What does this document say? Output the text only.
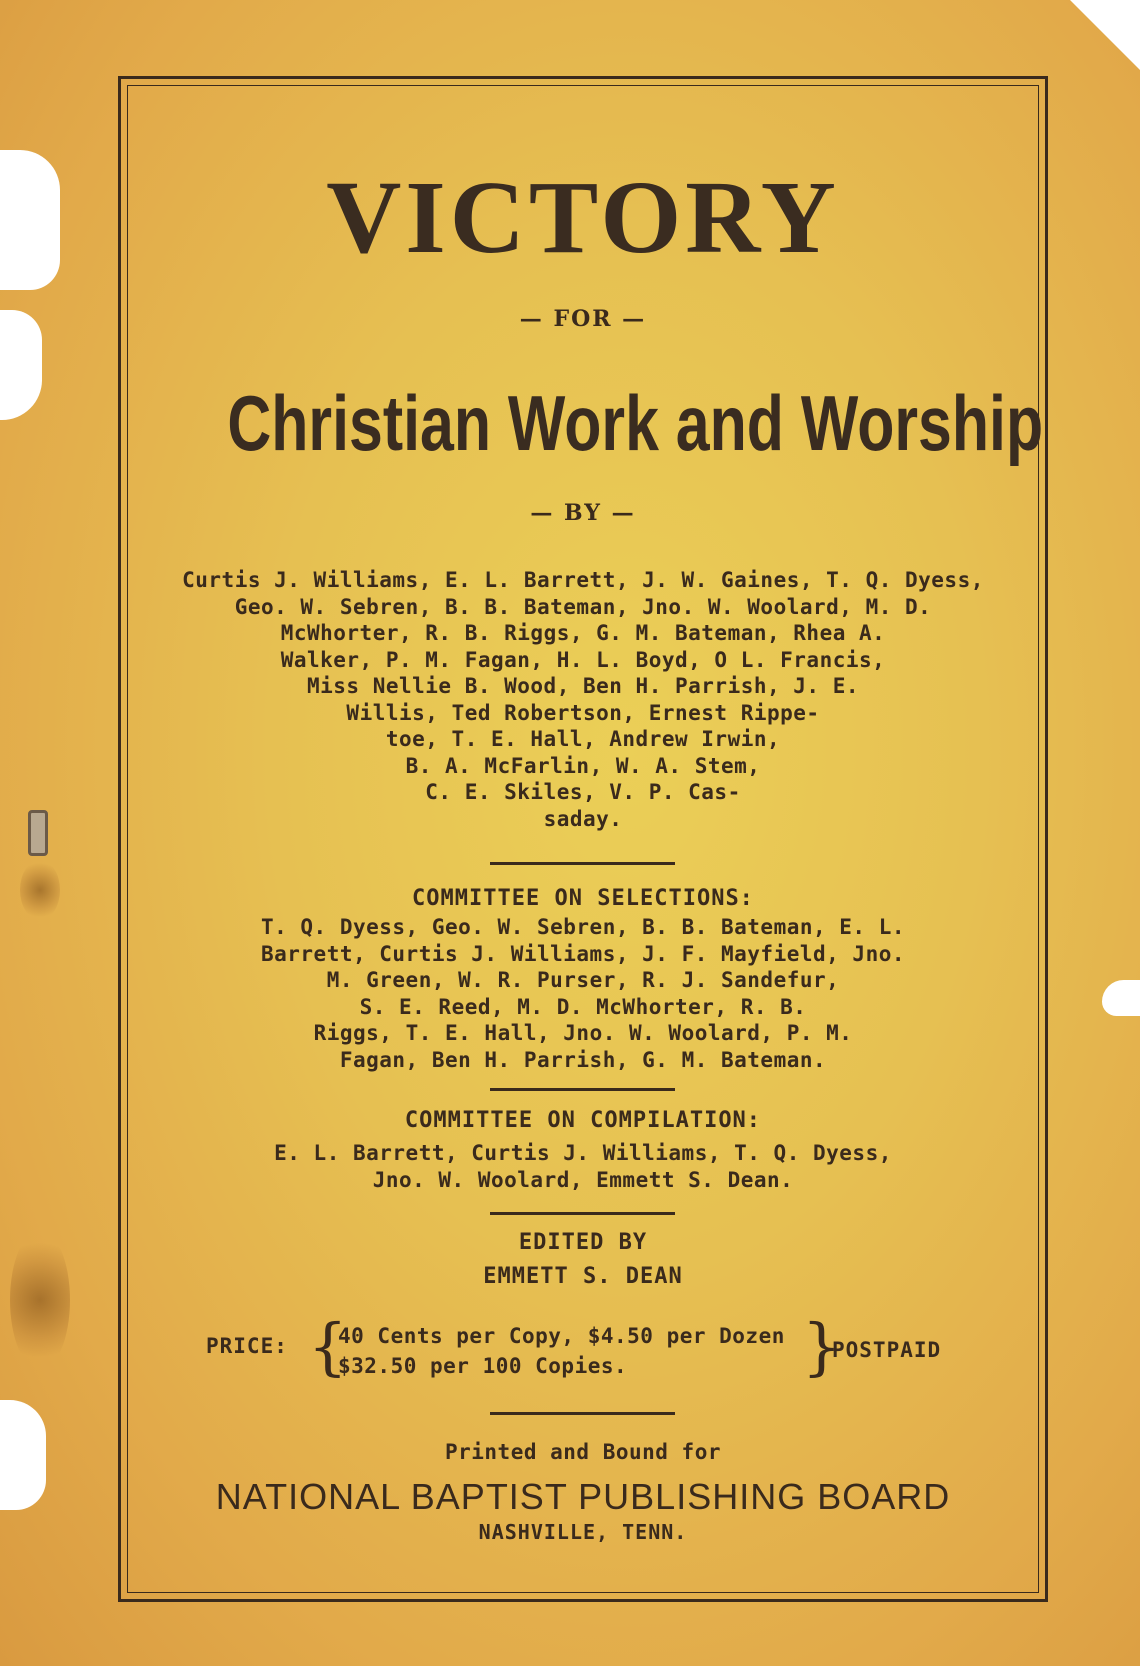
VICTORY
— FOR —
Christian Work and Worship
— BY —
Curtis J. Williams, E. L. Barrett, J. W. Gaines, T. Q. Dyess,
Geo. W. Sebren, B. B. Bateman, Jno. W. Woolard, M. D.
McWhorter, R. B. Riggs, G. M. Bateman, Rhea A.
Walker, P. M. Fagan, H. L. Boyd, O L. Francis,
Miss Nellie B. Wood, Ben H. Parrish, J. E.
Willis, Ted Robertson, Ernest Rippe-
toe, T. E. Hall, Andrew Irwin,
B. A. McFarlin, W. A. Stem,
C. E. Skiles, V. P. Cas-
saday.
COMMITTEE ON SELECTIONS:
T. Q. Dyess, Geo. W. Sebren, B. B. Bateman, E. L.
Barrett, Curtis J. Williams, J. F. Mayfield, Jno.
M. Green, W. R. Purser, R. J. Sandefur,
S. E. Reed, M. D. McWhorter, R. B.
Riggs, T. E. Hall, Jno. W. Woolard, P. M.
Fagan, Ben H. Parrish, G. M. Bateman.
COMMITTEE ON COMPILATION:
E. L. Barrett, Curtis J. Williams, T. Q. Dyess,
Jno. W. Woolard, Emmett S. Dean.
EDITED BY
EMMETT S. DEAN
PRICE: {
40 Cents per Copy, $4.50 per Dozen
$32.50 per 100 Copies.	}
POSTPAID
Printed and Bound for
NATIONAL BAPTIST PUBLISHING BOARD
NASHVILLE, TENN.
